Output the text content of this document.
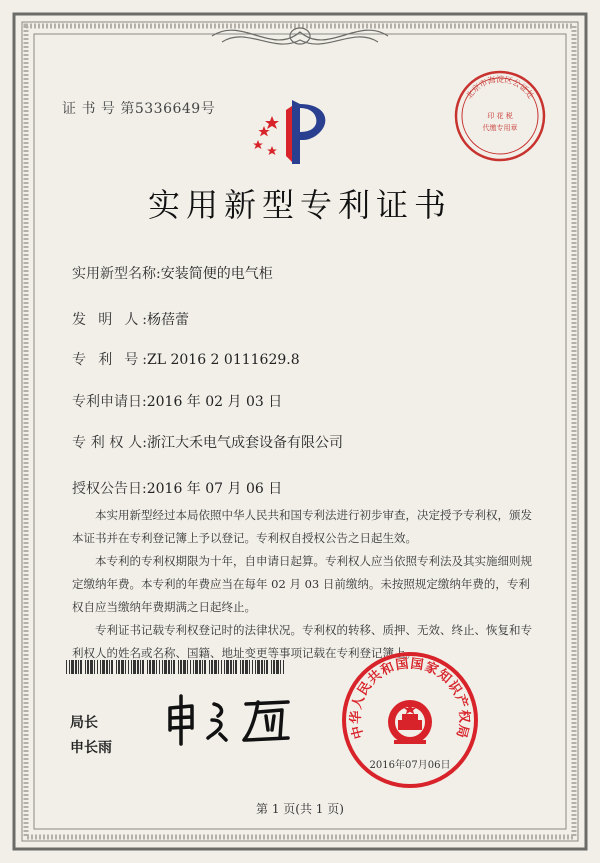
北京市海淀区公证处
印 花 税
代缴专用章
证 书 号 第5336649号
实用新型专利证书
实用新型名称:安装简便的电气柜
发 明 人:杨蓓蕾
专 利 号:ZL 2016 2 0111629.8
专利申请日:2016 年 02 月 03 日
专 利 权 人:浙江大禾电气成套设备有限公司
授权公告日:2016 年 07 月 06 日

本实用新型经过本局依照中华人民共和国专利法进行初步审查，决定授予专利权，颁发本证书并在专利登记簿上予以登记。专利权自授权公告之日起生效。

本专利的专利权期限为十年，自申请日起算。专利权人应当依照专利法及其实施细则规定缴纳年费。本专利的年费应当在每年 02 月 03 日前缴纳。未按照规定缴纳年费的，专利权自应当缴纳年费期满之日起终止。

专利证书记载专利权登记时的法律状况。专利权的转移、质押、无效、终止、恢复和专利权人的姓名或名称、国籍、地址变更等事项记载在专利登记簿上。

局长
申长雨
中华人民共和国国家知识产权局
2016年07月06日
第 1 页(共 1 页)
